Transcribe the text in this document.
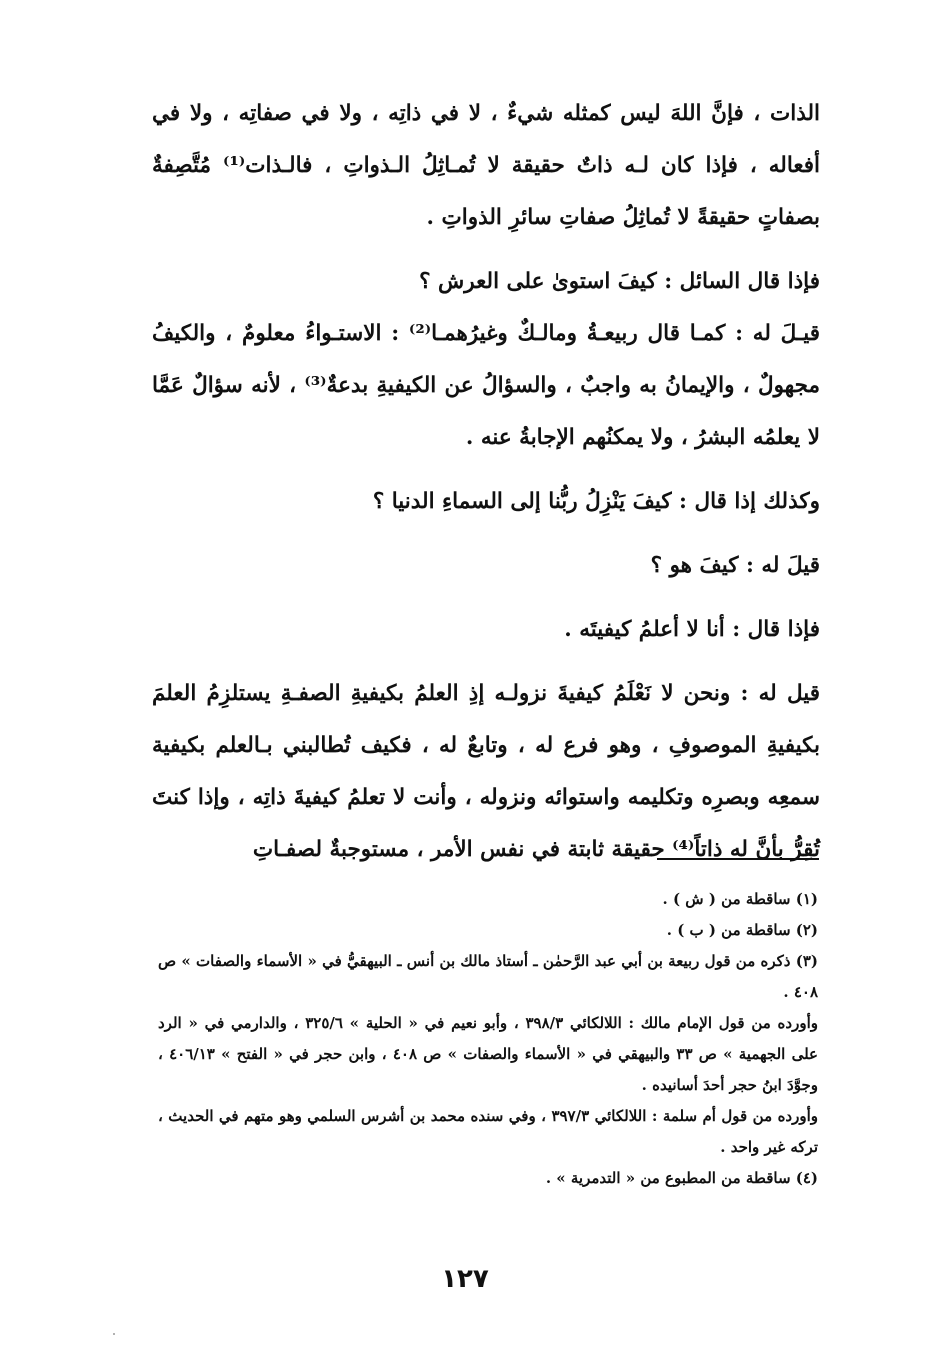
الذات ، فإنَّ اللهَ ليس كمثله شيءٌ ، لا في ذاتِه ، ولا في صفاتِه ، ولا في أفعاله ، فإذا كان لـه ذاتٌ حقيقة لا تُمـاثِلُ الـذواتِ ، فالـذات⁽¹⁾ مُتَّصِفةٌ بصفاتٍ حقيقةً لا تُماثِلُ صفاتِ سائرِ الذواتِ .

فإذا قال السائل : كيفَ استوىٰ على العرش ؟

قيـلَ له : كمـا قال ربيعـةُ ومالـكٌ وغيرُهمـا⁽²⁾ : الاستـواءُ معلومٌ ، والكيفُ مجهولٌ ، والإيمانُ به واجبٌ ، والسؤالُ عن الكيفيةِ بدعةٌ⁽³⁾ ، لأنه سؤالٌ عَمَّا لا يعلمُه البشرُ ، ولا يمكنُهم الإجابةُ عنه .

وكذلك إذا قال : كيفَ يَنْزِلُ ربُّنا إلى السماءِ الدنيا ؟

قيلَ له : كيفَ هو ؟

فإذا قال : أنا لا أعلمُ كيفيتَه .

قيل له : ونحن لا نَعْلَمُ كيفيةَ نزولـه إذِ العلمُ بكيفيةِ الصفـةِ يستلزِمُ العلمَ بكيفيةِ الموصوفِ ، وهو فرع له ، وتابعٌ له ، فكيف تُطالبني بـالعلم بكيفية سمعِه وبصرِه وتكليمه واستوائه ونزوله ، وأنت لا تعلمُ كيفيةَ ذاتِه ، وإذا كنتَ تُقِرُّ بأنَّ له ذاتاً⁽⁴⁾ حقيقة ثابتة في نفس الأمر ، مستوجبةٌ لصفـاتِ

(١) ساقطة من ( ش ) .

(٢) ساقطة من ( ب ) .

(٣) ذكره من قول ربيعة بن أبي عبد الرَّحمٰن ـ أستاذ مالك بن أنس ـ البيهقيُّ في « الأسماء والصفات » ص ٤٠٨ .

وأورده من قول الإمام مالك : اللالكائي ٣٩٨/٣ ، وأبو نعيم في « الحلية » ٣٢٥/٦ ، والدارمي في « الرد على الجهمية » ص ٣٣ والبيهقي في « الأسماء والصفات » ص ٤٠٨ ، وابن حجر في « الفتح » ٤٠٦/١٣ ، وجوَّدَ ابنُ حجر أحدَ أسانيده .

وأورده من قول أم سلمة : اللالكائي ٣٩٧/٣ ، وفي سنده محمد بن أشرس السلمي وهو متهم في الحديث ، تركه غير واحد .

(٤) ساقطة من المطبوع من « التدمرية » .

١٢٧
